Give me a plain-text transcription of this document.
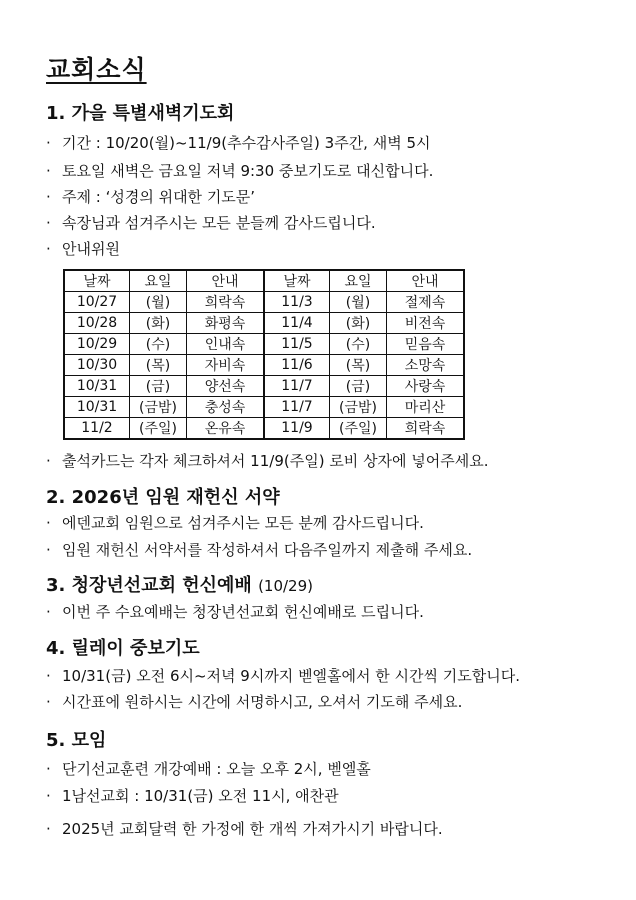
교회소식
1. 가을 특별새벽기도회
· 기간 : 10/20(월)~11/9(추수감사주일) 3주간, 새벽 5시
· 토요일 새벽은 금요일 저녁 9:30 중보기도로 대신합니다.
· 주제 : ‘성경의 위대한 기도문’
· 속장님과 섬겨주시는 모든 분들께 감사드립니다.
· 안내위원
날짜	요일	안내	날짜	요일	안내
10/27	(월)	희락속	11/3	(월)	절제속
10/28	(화)	화평속	11/4	(화)	비전속
10/29	(수)	인내속	11/5	(수)	믿음속
10/30	(목)	자비속	11/6	(목)	소망속
10/31	(금)	양선속	11/7	(금)	사랑속
10/31	(금밤)	충성속	11/7	(금밤)	마리산
11/2	(주일)	온유속	11/9	(주일)	희락속
· 출석카드는 각자 체크하셔서 11/9(주일) 로비 상자에 넣어주세요.
2. 2026년 임원 재헌신 서약
· 에덴교회 임원으로 섬겨주시는 모든 분께 감사드립니다.
· 임원 재헌신 서약서를 작성하셔서 다음주일까지 제출해 주세요.
3. 청장년선교회 헌신예배 (10/29)
· 이번 주 수요예배는 청장년선교회 헌신예배로 드립니다.
4. 릴레이 중보기도
· 10/31(금) 오전 6시~저녁 9시까지 벧엘홀에서 한 시간씩 기도합니다.
· 시간표에 원하시는 시간에 서명하시고, 오셔서 기도해 주세요.
5. 모임
· 단기선교훈련 개강예배 : 오늘 오후 2시, 벧엘홀
· 1남선교회 : 10/31(금) 오전 11시, 애찬관
· 2025년 교회달력 한 가정에 한 개씩 가져가시기 바랍니다.
